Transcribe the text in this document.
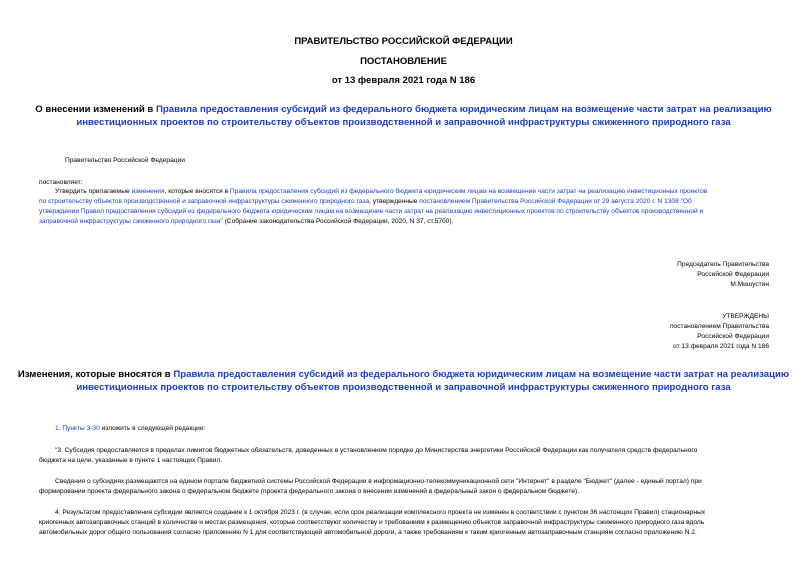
ПРАВИТЕЛЬСТВО РОССИЙСКОЙ ФЕДЕРАЦИИ
ПОСТАНОВЛЕНИЕ
от 13 февраля 2021 года N 186
О внесении изменений в Правила предоставления субсидий из федерального бюджета юридическим лицам на возмещение части затрат на реализацию
инвестиционных проектов по строительству объектов производственной и заправочной инфраструктуры сжиженного природного газа
Правительство Российской Федерации
постановляет:
Утвердить прилагаемые изменения, которые вносятся в Правила предоставления субсидий из федерального бюджета юридическим лицам на возмещение части затрат на реализацию инвестиционных проектов
по строительству объектов производственной и заправочной инфраструктуры сжиженного природного газа, утвержденные постановлением Правительства Российской Федерации от 29 августа 2020 г. N 1308 "Об
утверждении Правил предоставления субсидий из федерального бюджета юридическим лицам на возмещение части затрат на реализацию инвестиционных проектов по строительству объектов производственной и
заправочной инфраструктуры сжиженного природного газа" (Собрание законодательства Российской Федерации, 2020, N 37, ст.5700).
Председатель Правительства
Российской Федерации
М.Мишустин
УТВЕРЖДЕНЫ
постановлением Правительства
Российской Федерации
от 13 февраля 2021 года N 186
Изменения, которые вносятся в Правила предоставления субсидий из федерального бюджета юридическим лицам на возмещение части затрат на реализацию
инвестиционных проектов по строительству объектов производственной и заправочной инфраструктуры сжиженного природного газа
1. Пункты 3-30 изложить в следующей редакции:
"3. Субсидия предоставляется в пределах лимитов бюджетных обязательств, доведенных в установленном порядке до Министерства энергетики Российской Федерации как получателя средств федерального
бюджета на цели, указанные в пункте 1 настоящих Правил.
Сведения о субсидиях размещаются на едином портале бюджетной системы Российской Федерации в информационно-телекоммуникационной сети "Интернет" в разделе "Бюджет" (далее - единый портал) при
формировании проекта федерального закона о федеральном бюджете (проекта федерального закона о внесении изменений в федеральный закон о федеральном бюджете).
4. Результатом предоставления субсидии является создание к 1 октября 2023 г. (в случае, если срок реализации комплексного проекта не изменен в соответствии с пунктом 36 настоящих Правил) стационарных
криогенных автозаправочных станций в количестве и местах размещения, которые соответствуют количеству и требованиям к размещению объектов заправочной инфраструктуры сжиженного природного газа вдоль
автомобильных дорог общего пользования согласно приложению N 1 для соответствующей автомобильной дороги, а также требованиям к таким криогенным автозаправочным станциям согласно приложению N 2.
